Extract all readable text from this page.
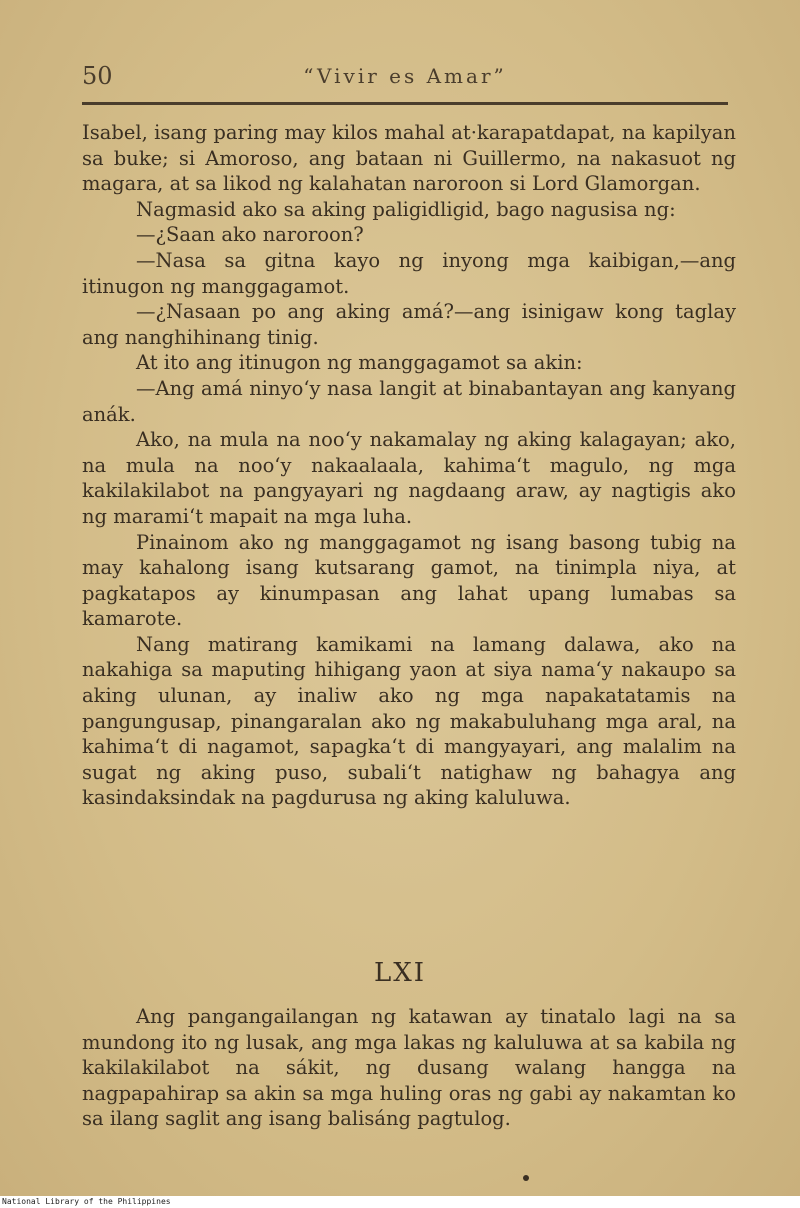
50	“Vivir es Amar”

Isabel, isang paring may kilos mahal at·karapatdapat, na kapilyan sa buke; si Amoroso, ang bataan ni Guillermo, na nakasuot ng magara, at sa likod ng kalahatan naroroon si Lord Glamorgan.

Nagmasid ako sa aking paligidligid, bago nagusisa ng:

—¿Saan ako naroroon?

—Nasa sa gitna kayo ng inyong mga kaibigan,—ang itinugon ng manggagamot.

—¿Nasaan po ang aking amá?—ang isinigaw kong taglay ang nanghihinang tinig.

At ito ang itinugon ng manggagamot sa akin:

—Ang amá ninyo‘y nasa langit at binabantayan ang kanyang anák.

Ako, na mula na noo‘y nakamalay ng aking kalagayan; ako, na mula na noo‘y nakaalaala, kahima‘t magulo, ng mga kakilakilabot na pangyayari ng nagdaang araw, ay nagtigis ako ng marami‘t mapait na mga luha.

Pinainom ako ng manggagamot ng isang basong tubig na may kahalong isang kutsarang gamot, na tinimpla niya, at pagkatapos ay kinumpasan ang lahat upang lumabas sa kamarote.

Nang matirang kamikami na lamang dalawa, ako na nakahiga sa maputing hihigang yaon at siya nama‘y nakaupo sa aking ulunan, ay inaliw ako ng mga napakatatamis na pangungusap, pinangaralan ako ng makabuluhang mga aral, na kahima‘t di nagamot, sapagka‘t di mangyayari, ang malalim na sugat ng aking puso, subali‘t natighaw ng bahagya ang kasindaksindak na pagdurusa ng aking kaluluwa.

LXI
Ang pangangailangan ng katawan ay tinatalo lagi na sa mundong ito ng lusak, ang mga lakas ng kaluluwa at sa kabila ng kakilakilabot na sákit, ng dusang walang hangga na nagpapahirap sa akin sa mga huling oras ng gabi ay nakamtan ko sa ilang saglit ang isang balisáng pagtulog.
National Library of the Philippines
